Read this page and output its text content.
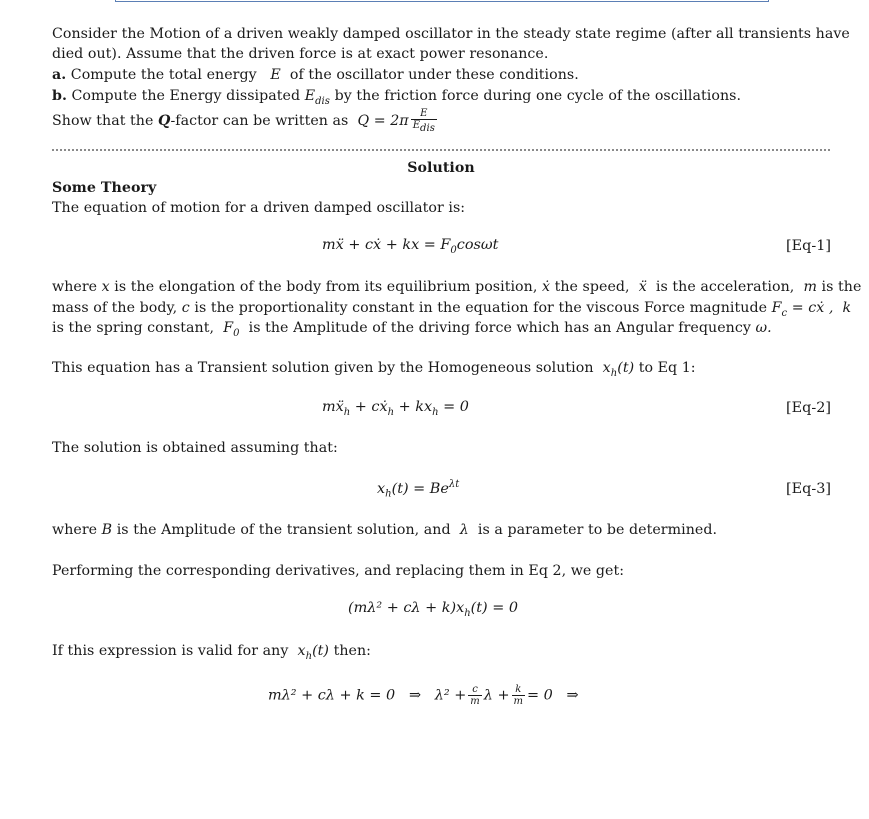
Consider the Motion of a driven weakly damped oscillator in the steady state regime (after all transients have
died out). Assume that the driven force is at exact power resonance.
a. Compute the total energy E of the oscillator under these conditions.
b. Compute the Energy dissipated $E_{dis}$ by the friction force during one cycle of the oscillations.
Show that the Q-factor can be written as $Q = 2\pi \frac{E}{E_{dis}}$
Solution
Some Theory
The equation of motion for a driven damped oscillator is:
mẍ + cẋ + kx = $F_0\cos\omega t$	[Eq-1]
where x is the elongation of the body from its equilibrium position, ẋ the speed, ẍ is the acceleration, m is the
mass of the body, c is the proportionality constant in the equation for the viscous Force magnitude $F_c$ = cẋ , k
is the spring constant, $F_0$ is the Amplitude of the driving force which has an Angular frequency ω.
This equation has a Transient solution given by the Homogeneous solution $x_h(t)$ to Eq 1:
mẍ$_h$ + cẋ$_h$ + $kx_h = 0$	[Eq-2]
The solution is obtained assuming that:
$x_h(t) = Be^{\lambda t}$	[Eq-3]
where B is the Amplitude of the transient solution, and λ is a parameter to be determined.
Performing the corresponding derivatives, and replacing them in Eq 2, we get:
$(m\lambda^2 + c\lambda + k)x_h(t) = 0$
If this expression is valid for any $x_h(t)$ then:
mλ² + cλ + k = 0 ⇒ $\lambda^2 + \frac{c}{m}$ $\lambda + \frac{k}{m} = 0$ ⇒
